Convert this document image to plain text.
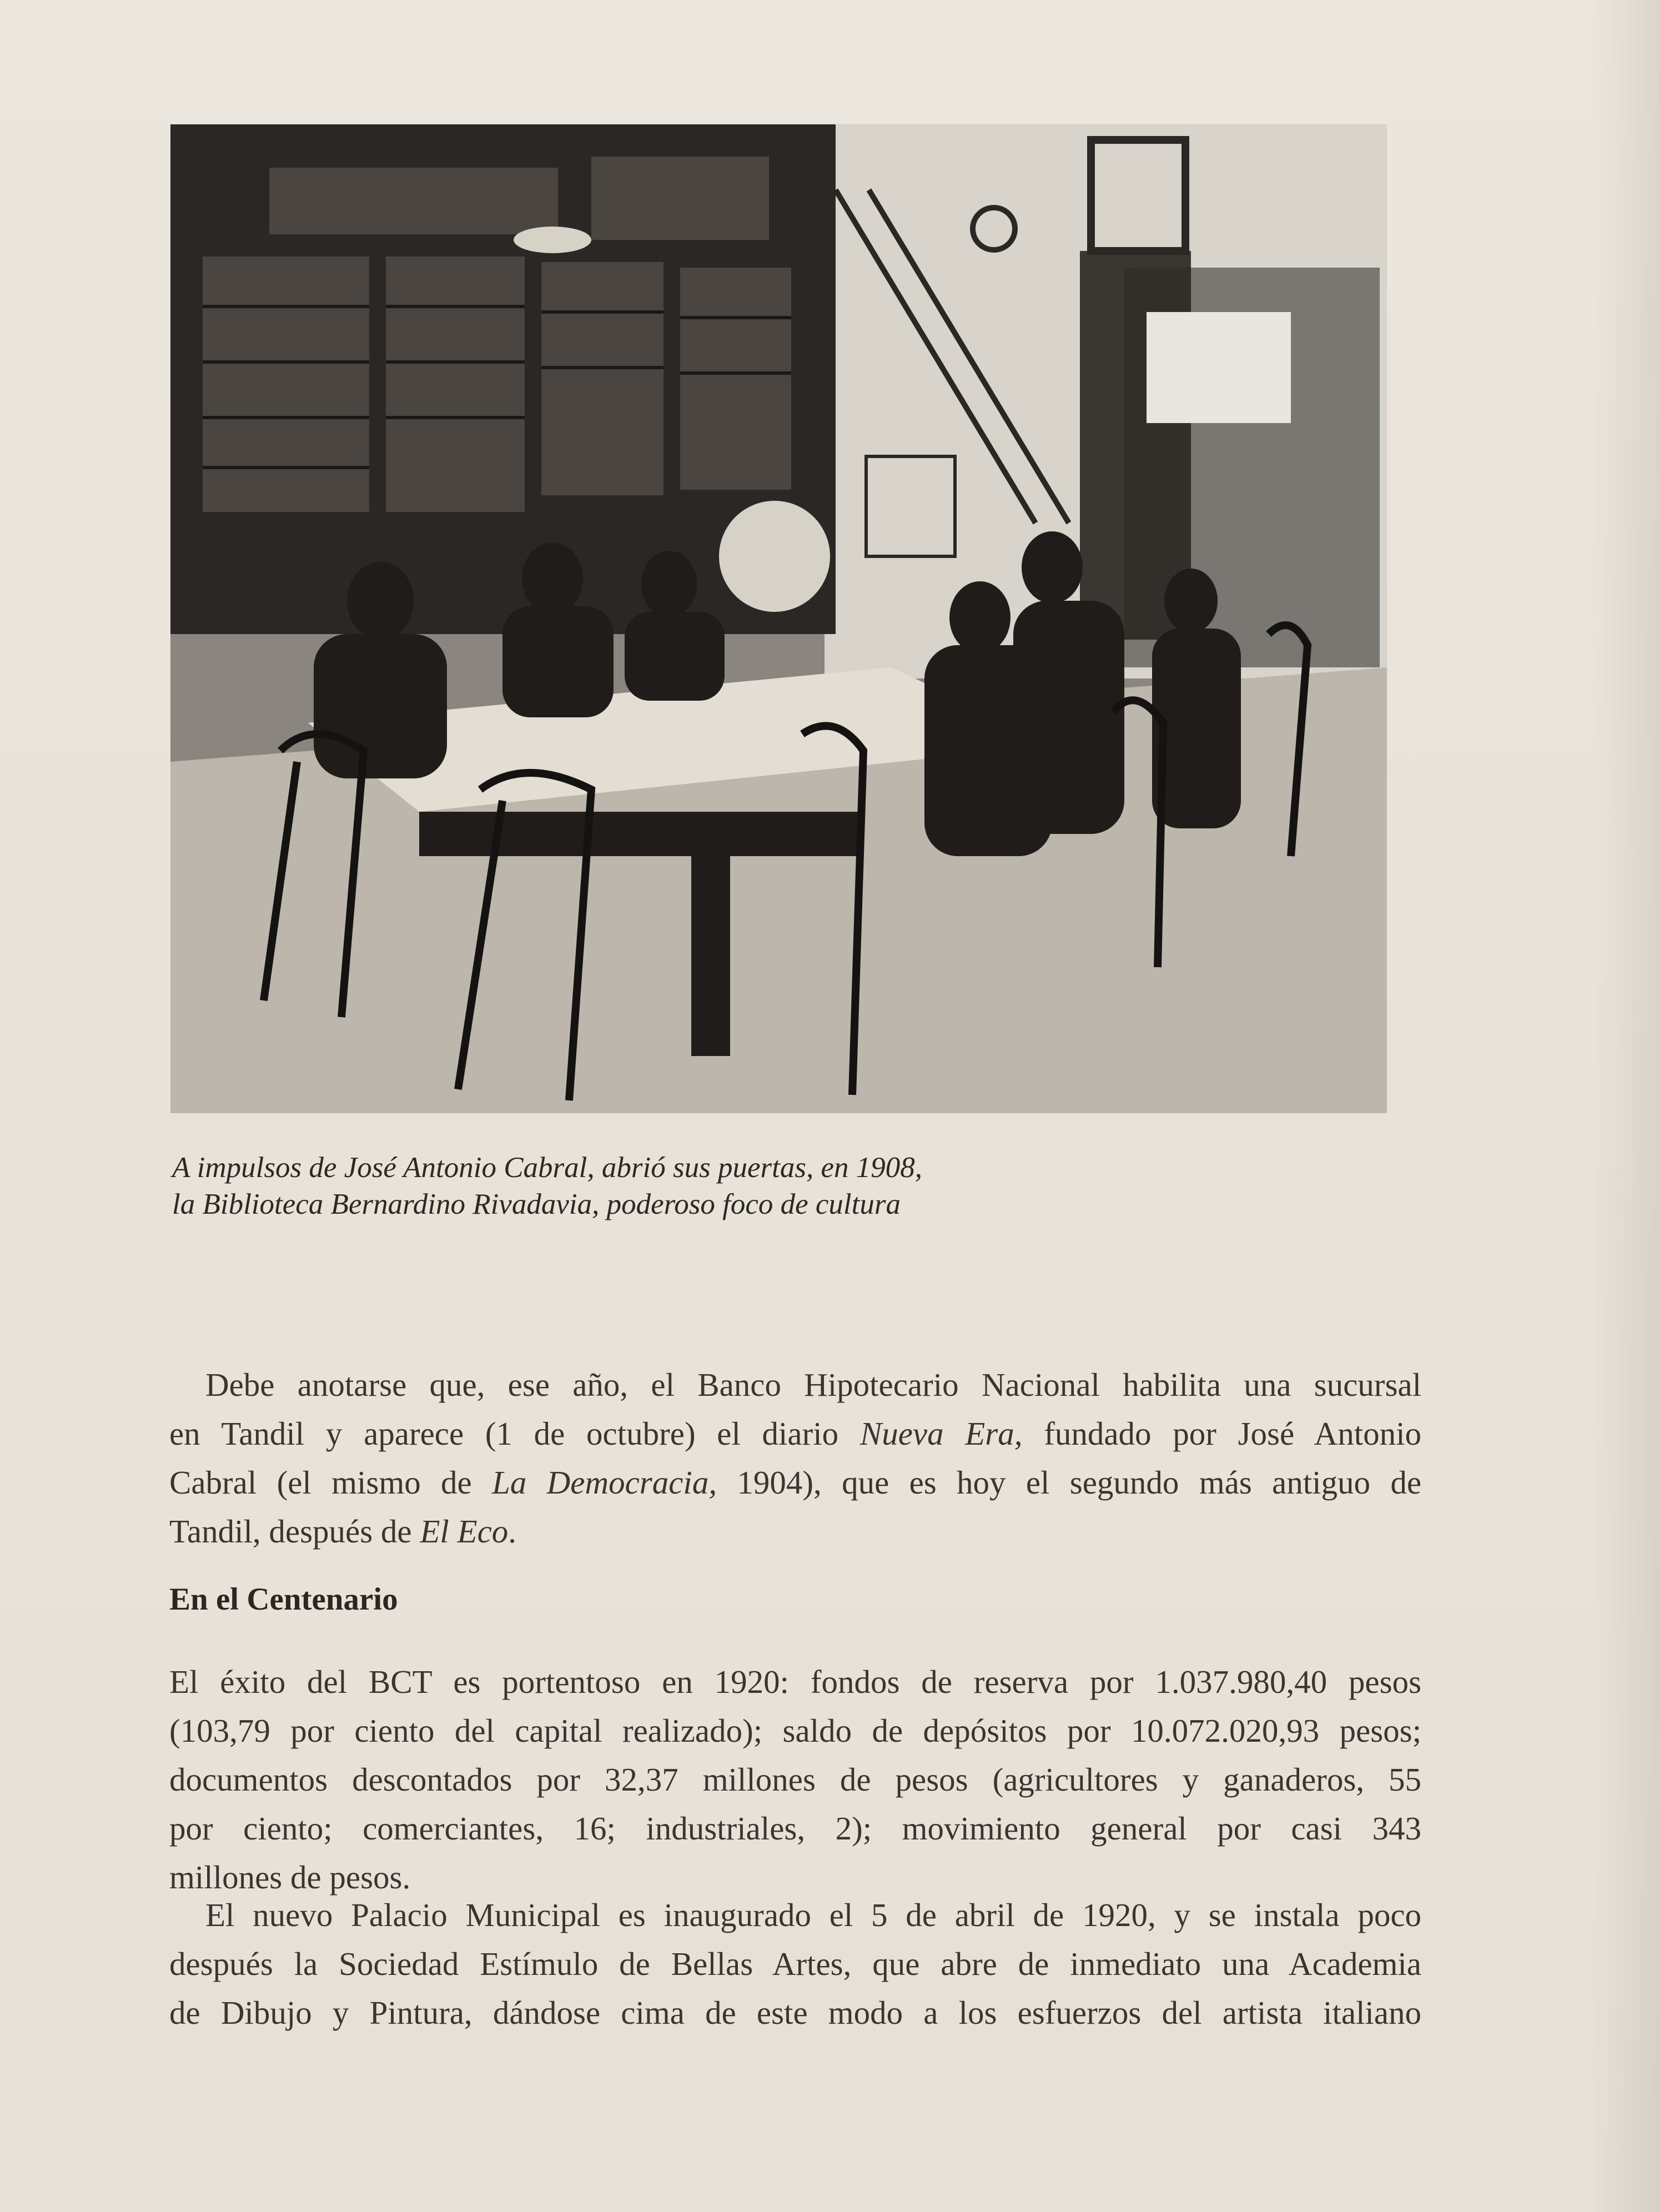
A impulsos de José Antonio Cabral, abrió sus puertas, en 1908,
la Biblioteca Bernardino Rivadavia, poderoso foco de cultura
Debe anotarse que, ese año, el Banco Hipotecario Nacional habilita una sucursal
en Tandil y aparece (1 de octubre) el diario Nueva Era, fundado por José Antonio
Cabral (el mismo de La Democracia, 1904), que es hoy el segundo más antiguo de
Tandil, después de El Eco.
En el Centenario
El éxito del BCT es portentoso en 1920: fondos de reserva por 1.037.980,40 pesos
(103,79 por ciento del capital realizado); saldo de depósitos por 10.072.020,93 pesos;
documentos descontados por 32,37 millones de pesos (agricultores y ganaderos, 55
por ciento; comerciantes, 16; industriales, 2); movimiento general por casi 343
millones de pesos.
El nuevo Palacio Municipal es inaugurado el 5 de abril de 1920, y se instala poco
después la Sociedad Estímulo de Bellas Artes, que abre de inmediato una Academia
de Dibujo y Pintura, dándose cima de este modo a los esfuerzos del artista italiano
